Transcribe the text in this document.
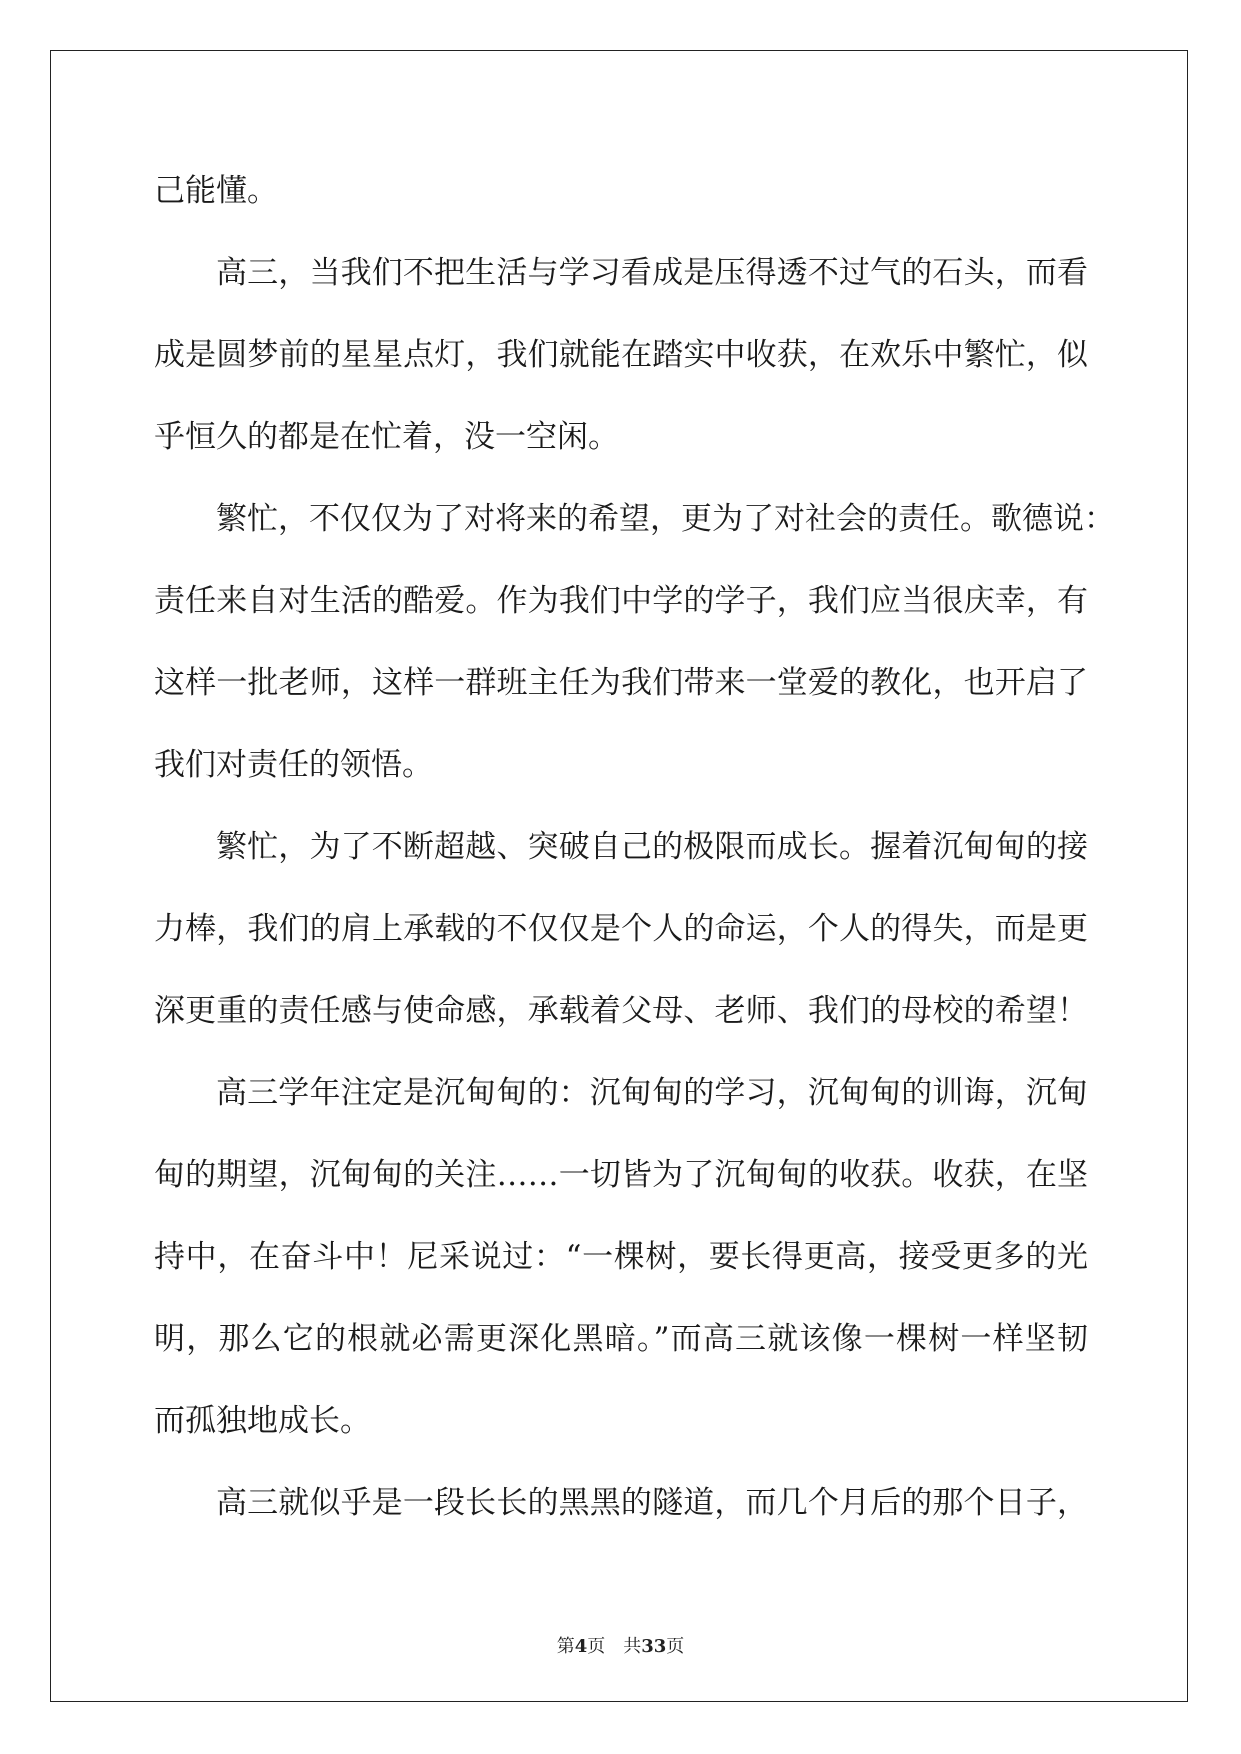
己能懂。
高三，当我们不把生活与学习看成是压得透不过气的石头，而看
成是圆梦前的星星点灯，我们就能在踏实中收获，在欢乐中繁忙，似
乎恒久的都是在忙着，没一空闲。
繁忙，不仅仅为了对将来的希望，更为了对社会的责任。歌德说：
责任来自对生活的酷爱。作为我们中学的学子，我们应当很庆幸，有
这样一批老师，这样一群班主任为我们带来一堂爱的教化，也开启了
我们对责任的领悟。
繁忙，为了不断超越、突破自己的极限而成长。握着沉甸甸的接
力棒，我们的肩上承载的不仅仅是个人的命运，个人的得失，而是更
深更重的责任感与使命感，承载着父母、老师、我们的母校的希望！
高三学年注定是沉甸甸的：沉甸甸的学习，沉甸甸的训诲，沉甸
甸的期望，沉甸甸的关注……一切皆为了沉甸甸的收获。收获，在坚
持中，在奋斗中！尼采说过：“一棵树，要长得更高，接受更多的光
明，那么它的根就必需更深化黑暗。”而高三就该像一棵树一样坚韧
而孤独地成长。
高三就似乎是一段长长的黑黑的隧道，而几个月后的那个日子，
第4页 共33页
